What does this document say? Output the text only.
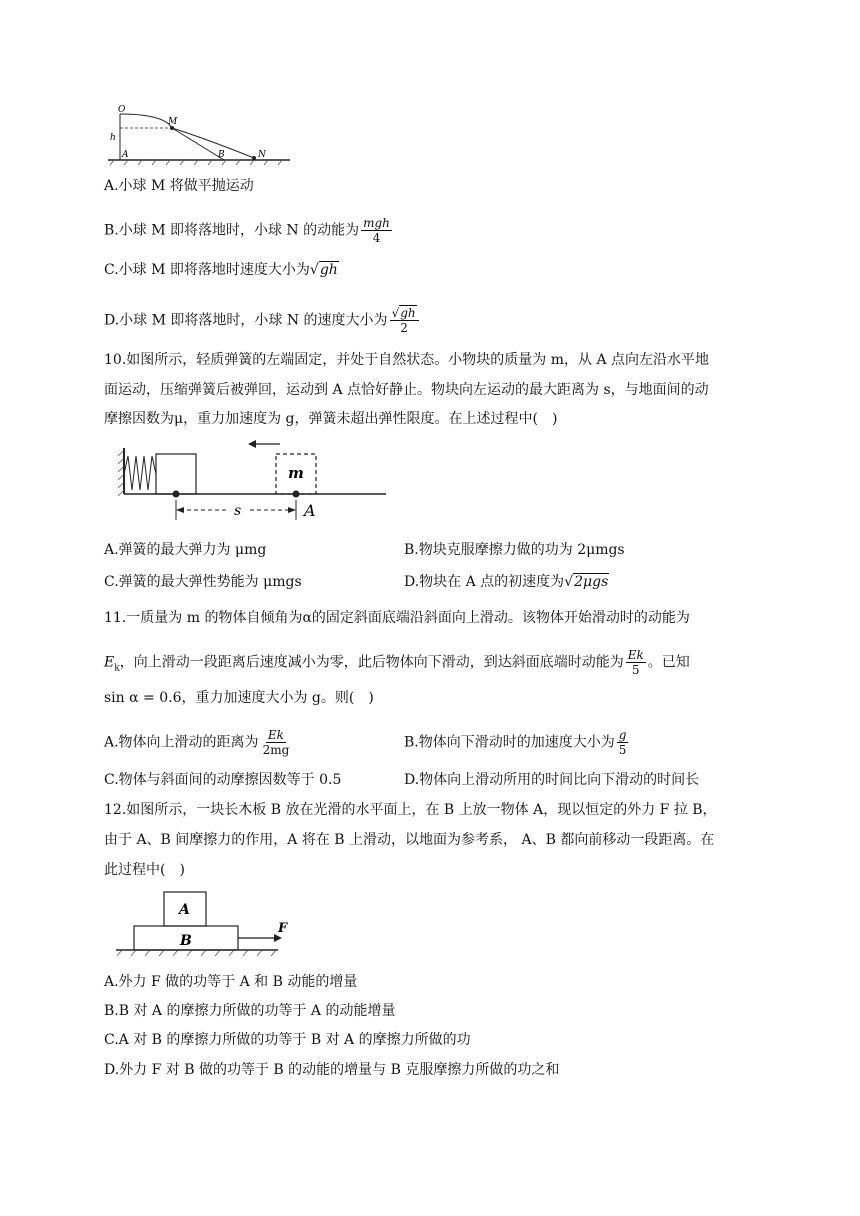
O
M
h
A	B	N
A.小球 M 将做平抛运动
B.小球 M 即将落地时，小球 N 的动能为 $\frac{\text{mgh}}{4}$
C.小球 M 即将落地时速度大小为√gh
D.小球 M 即将落地时，小球 N 的速度大小为 $\frac{√gh}{2}$
10.如图所示，轻质弹簧的左端固定，并处于自然状态。小物块的质量为 m，从 A 点向左沿水平地
面运动，压缩弹簧后被弹回，运动到 A 点恰好静止。物块向左运动的最大距离为 s，与地面间的动
摩擦因数为μ，重力加速度为 g，弹簧未超出弹性限度。在上述过程中(　)
m
s	A
A.弹簧的最大弹力为 μmg	B.物块克服摩擦力做的功为 2μmgs
C.弹簧的最大弹性势能为 μmgs	D.物块在 A 点的初速度为√2μgs
11.一质量为 m 的物体自倾角为α的固定斜面底端沿斜面向上滑动。该物体开始滑动时的动能为
$E_k$，向上滑动一段距离后速度减小为零，此后物体向下滑动，到达斜面底端时动能为 $\frac{Ek}{5}$ 。已知
sin α = 0.6，重力加速度大小为 g。则(　)
A.物体向上滑动的距离为 $\frac{Ek}{2mg}$	B.物体向下滑动时的加速度大小为 $\frac{g}{5}$
C.物体与斜面间的动摩擦因数等于 0.5	D.物体向上滑动所用的时间比向下滑动的时间长
12.如图所示，一块长木板 B 放在光滑的水平面上，在 B 上放一物体 A，现以恒定的外力 F 拉 B，
由于 A、B 间摩擦力的作用，A 将在 B 上滑动，以地面为参考系， A、B 都向前移动一段距离。在
此过程中(　)
A
B
F
A.外力 F 做的功等于 A 和 B 动能的增量
B.B 对 A 的摩擦力所做的功等于 A 的动能增量
C.A 对 B 的摩擦力所做的功等于 B 对 A 的摩擦力所做的功
D.外力 F 对 B 做的功等于 B 的动能的增量与 B 克服摩擦力所做的功之和
